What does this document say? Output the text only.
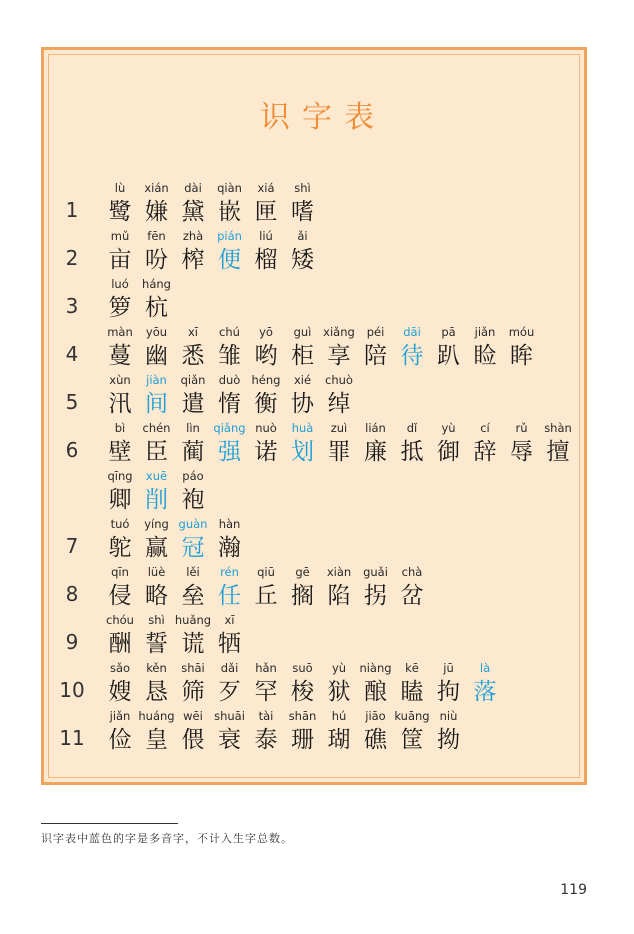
识字表
1
lù
鹭
xián
嫌
dài
黛
qiàn
嵌
xiá
匣
shì
嗜
2
mǔ
亩
fēn
吩
zhà
榨
pián
便
liú
榴
ǎi
矮
3
luó
箩
háng
杭
4
màn
蔓
yōu
幽
xī
悉
chú
雏
yō
哟
guì
柜
xiǎng
享
péi
陪
dāi
待
pā
趴
jiǎn
睑
móu
眸
5
xùn
汛
jiàn
间
qiǎn
遣
duò
惰
héng
衡
xié
协
chuò
绰
6
bì
壁
chén
臣
lìn
蔺
qiǎng
强
nuò
诺
huà
划
zuì
罪
lián
廉
dǐ
抵
yù
御
cí
辞
rǔ
辱
shàn
擅
qīng
卿
xuē
削
páo
袍
7
tuó
鸵
yíng
赢
guàn
冠
hàn
瀚
8
qīn
侵
lüè
略
lěi
垒
rén
任
qiū
丘
gē
搁
xiàn
陷
guǎi
拐
chà
岔
9
chóu
酬
shì
誓
huǎng
谎
xī
牺
10
sǎo
嫂
kěn
恳
shāi
筛
dǎi
歹
hǎn
罕
suō
梭
yù
狱
niàng
酿
kē
瞌
jū
拘
là
落
11
jiǎn
俭
huáng
皇
wēi
偎
shuāi
衰
tài
泰
shān
珊
hú
瑚
jiāo
礁
kuāng
筐
niù
拗
识字表中蓝色的字是多音字，不计入生字总数。
119
